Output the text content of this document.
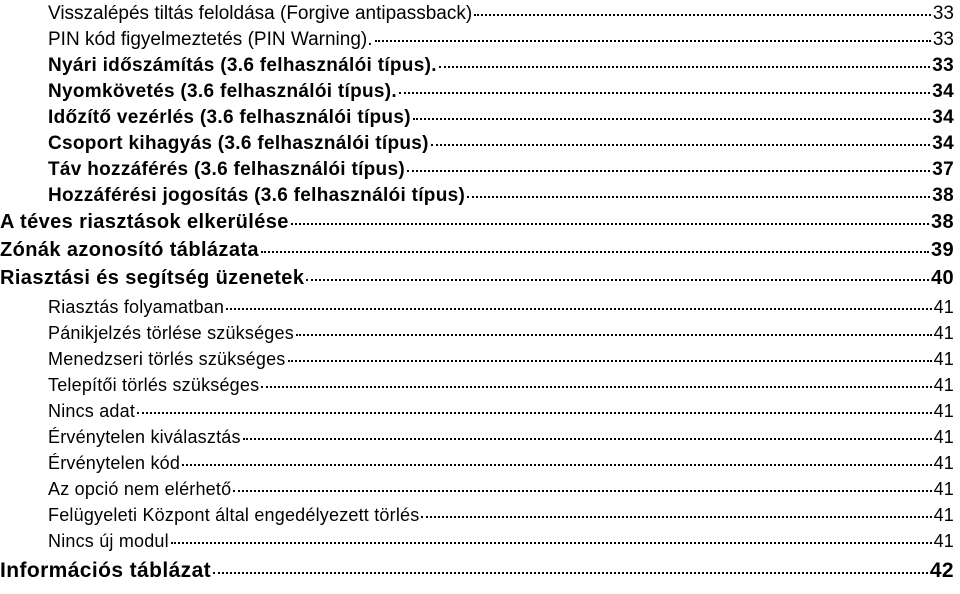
Visszalépés tiltás feloldása (Forgive antipassback)	33
PIN kód figyelmeztetés (PIN Warning).	33
Nyári időszámítás (3.6 felhasználói típus).	33
Nyomkövetés (3.6 felhasználói típus).	34
Időzítő vezérlés (3.6 felhasználói típus)	34
Csoport kihagyás (3.6 felhasználói típus)	34
Táv hozzáférés (3.6 felhasználói típus)	37
Hozzáférési jogosítás (3.6 felhasználói típus)	38
A téves riasztások elkerülése	38
Zónák azonosító táblázata	39
Riasztási és segítség üzenetek	40
Riasztás folyamatban	41
Pánikjelzés törlése szükséges	41
Menedzseri törlés szükséges	41
Telepítői törlés szükséges	41
Nincs adat	41
Érvénytelen kiválasztás	41
Érvénytelen kód	41
Az opció nem elérhető	41
Felügyeleti Központ által engedélyezett törlés	41
Nincs új modul	41
Információs táblázat	42
